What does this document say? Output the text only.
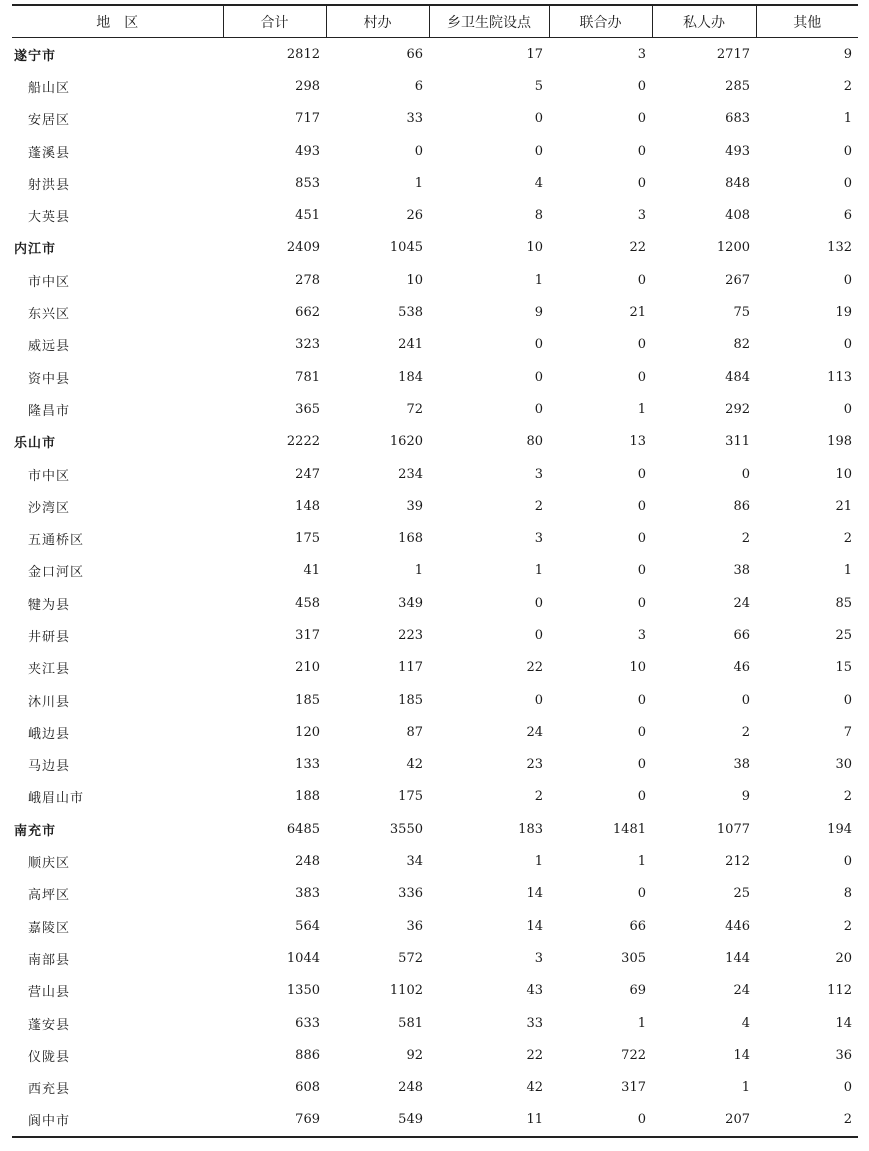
地　区	合计	村办	乡卫生院设点	联合办	私人办	其他
遂宁市	2812	66	17	3	2717	9
船山区	298	6	5	0	285	2
安居区	717	33	0	0	683	1
蓬溪县	493	0	0	0	493	0
射洪县	853	1	4	0	848	0
大英县	451	26	8	3	408	6
内江市	2409	1045	10	22	1200	132
市中区	278	10	1	0	267	0
东兴区	662	538	9	21	75	19
威远县	323	241	0	0	82	0
资中县	781	184	0	0	484	113
隆昌市	365	72	0	1	292	0
乐山市	2222	1620	80	13	311	198
市中区	247	234	3	0	0	10
沙湾区	148	39	2	0	86	21
五通桥区	175	168	3	0	2	2
金口河区	41	1	1	0	38	1
犍为县	458	349	0	0	24	85
井研县	317	223	0	3	66	25
夹江县	210	117	22	10	46	15
沐川县	185	185	0	0	0	0
峨边县	120	87	24	0	2	7
马边县	133	42	23	0	38	30
峨眉山市	188	175	2	0	9	2
南充市	6485	3550	183	1481	1077	194
顺庆区	248	34	1	1	212	0
高坪区	383	336	14	0	25	8
嘉陵区	564	36	14	66	446	2
南部县	1044	572	3	305	144	20
营山县	1350	1102	43	69	24	112
蓬安县	633	581	33	1	4	14
仪陇县	886	92	22	722	14	36
西充县	608	248	42	317	1	0
阆中市	769	549	11	0	207	2
